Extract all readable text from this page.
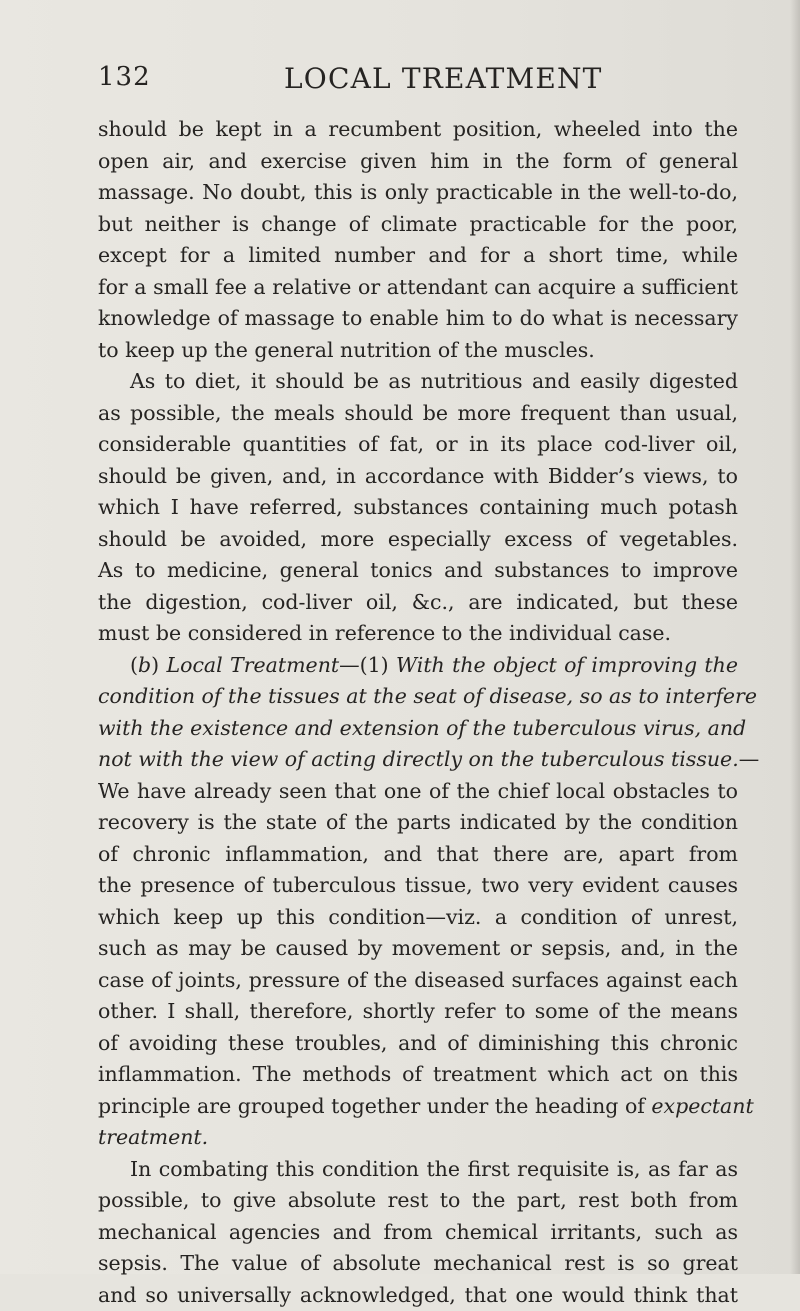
132	LOCAL TREATMENT
should be kept in a recumbent position, wheeled into the
open air, and exercise given him in the form of general
massage. No doubt, this is only practicable in the well-to-do,
but neither is change of climate practicable for the poor,
except for a limited number and for a short time, while
for a small fee a relative or attendant can acquire a sufficient
knowledge of massage to enable him to do what is necessary
to keep up the general nutrition of the muscles.
As to diet, it should be as nutritious and easily digested
as possible, the meals should be more frequent than usual,
considerable quantities of fat, or in its place cod-liver oil,
should be given, and, in accordance with Bidder’s views, to
which I have referred, substances containing much potash
should be avoided, more especially excess of vegetables.
As to medicine, general tonics and substances to improve
the digestion, cod-liver oil, &c., are indicated, but these
must be considered in reference to the individual case.
(b) Local Treatment—(1) With the object of improving the
condition of the tissues at the seat of disease, so as to interfere
with the existence and extension of the tuberculous virus, and
not with the view of acting directly on the tuberculous tissue.—
We have already seen that one of the chief local obstacles to
recovery is the state of the parts indicated by the condition
of chronic inflammation, and that there are, apart from
the presence of tuberculous tissue, two very evident causes
which keep up this condition—viz. a condition of unrest,
such as may be caused by movement or sepsis, and, in the
case of joints, pressure of the diseased surfaces against each
other. I shall, therefore, shortly refer to some of the means
of avoiding these troubles, and of diminishing this chronic
inflammation. The methods of treatment which act on this
principle are grouped together under the heading of expectant
treatment.
In combating this condition the first requisite is, as far as
possible, to give absolute rest to the part, rest both from
mechanical agencies and from chemical irritants, such as
sepsis. The value of absolute mechanical rest is so great
and so universally acknowledged, that one would think that
